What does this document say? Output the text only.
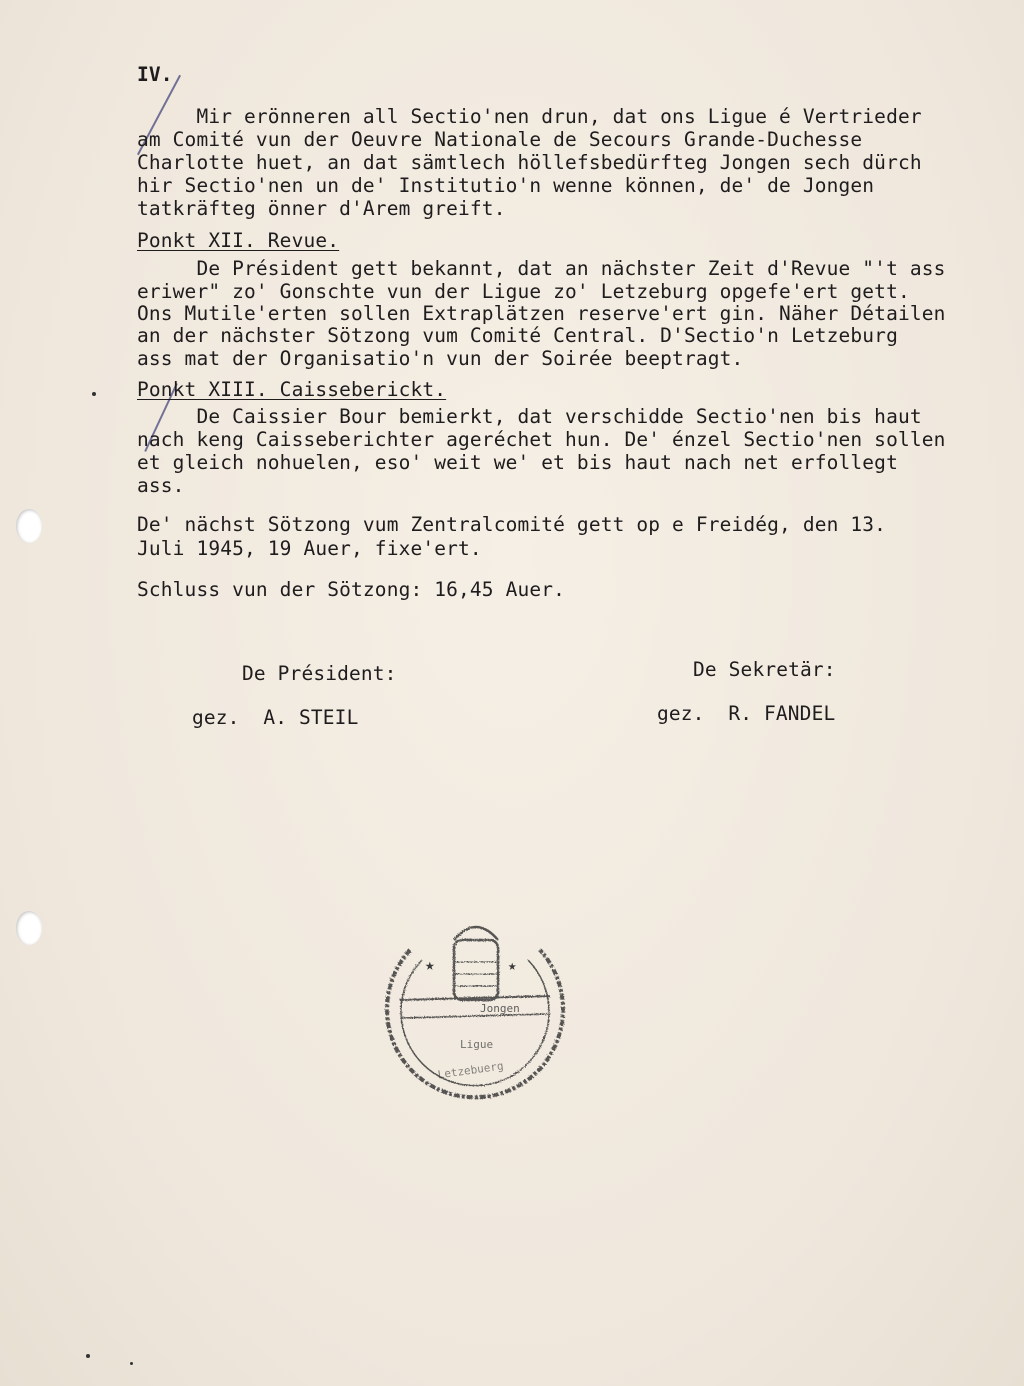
IV.

Mir erönneren all Sectio'nen drun, dat ons Ligue é Vertrieder

am Comité vun der Oeuvre Nationale de Secours Grande-Duchesse

Charlotte huet, an dat sämtlech höllefsbedürfteg Jongen sech dürch

hir Sectio'nen un de' Institutio'n wenne können, de' de Jongen

tatkräfteg önner d'Arem greift.

Ponkt XII. Revue.

De Président gett bekannt, dat an nächster Zeit d'Revue "'t ass

eriwer" zo' Gonschte vun der Ligue zo' Letzeburg opgefe'ert gett.

Ons Mutile'erten sollen Extraplätzen reserve'ert gin. Näher Détailen

an der nächster Sötzong vum Comité Central. D'Sectio'n Letzeburg

ass mat der Organisatio'n vun der Soirée beeptragt.

Ponkt XIII. Caisseberickt.

De Caissier Bour bemierkt, dat verschidde Sectio'nen bis haut

nach keng Caisseberichter ageréchet hun. De' énzel Sectio'nen sollen

et gleich nohuelen, eso' weit we' et bis haut nach net erfollegt

ass.

De' nächst Sötzong vum Zentralcomité gett op e Freidég, den 13.

Juli 1945, 19 Auer, fixe'ert.

Schluss vun der Sötzong: 16,45 Auer.

De Président:	De Sekretär:

gez.  A. STEIL	gez.  R. FANDEL

★	★
Jongen
Ligue
Letzebuerg
